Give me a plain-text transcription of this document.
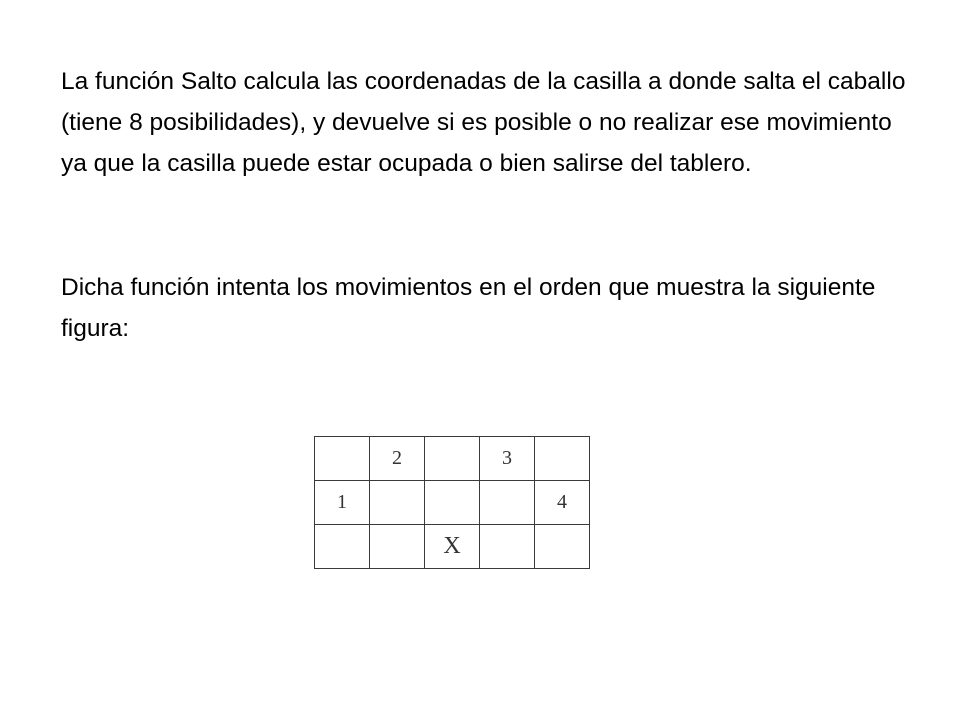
La función Salto calcula las coordenadas de la casilla a donde salta el caballo (tiene 8 posibilidades), y devuelve si es posible o no realizar ese movimiento ya que la casilla puede estar ocupada o bien salirse del tablero.

Dicha función intenta los movimientos en el orden que muestra la siguiente figura:

	2		3	
1				4
		X		
